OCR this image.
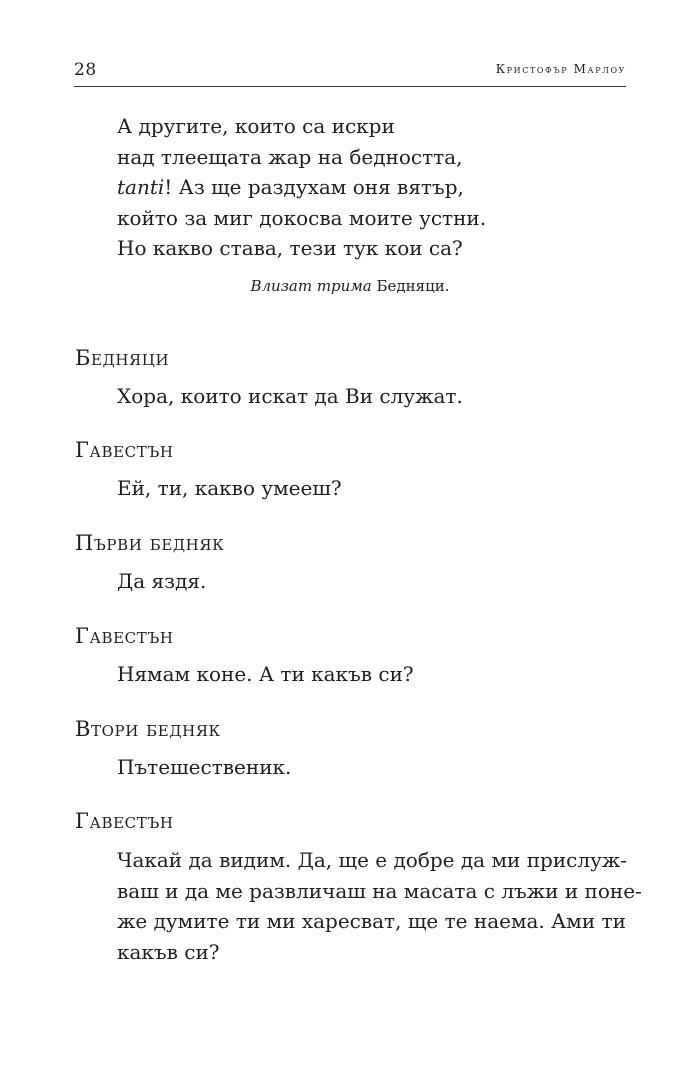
28	Кристофър Марлоу
А другите, които са искри
над тлеещата жар на бедността,
tanti! Аз ще раздухам оня вятър,
който за миг докосва моите устни.
Но какво става, тези тук кои са?
Влизат трима Бедняци.
Бедняци
Хора, които искат да Ви служат.
Гавестън
Ей, ти, какво умееш?
Първи бедняк
Да яздя.
Гавестън
Нямам коне. А ти какъв си?
Втори бедняк
Пътешественик.
Гавестън
Чакай да видим. Да, ще е добре да ми прислуж-
ваш и да ме развличаш на масата с лъжи и поне-
же думите ти ми харесват, ще те наема. Ами ти
какъв си?
